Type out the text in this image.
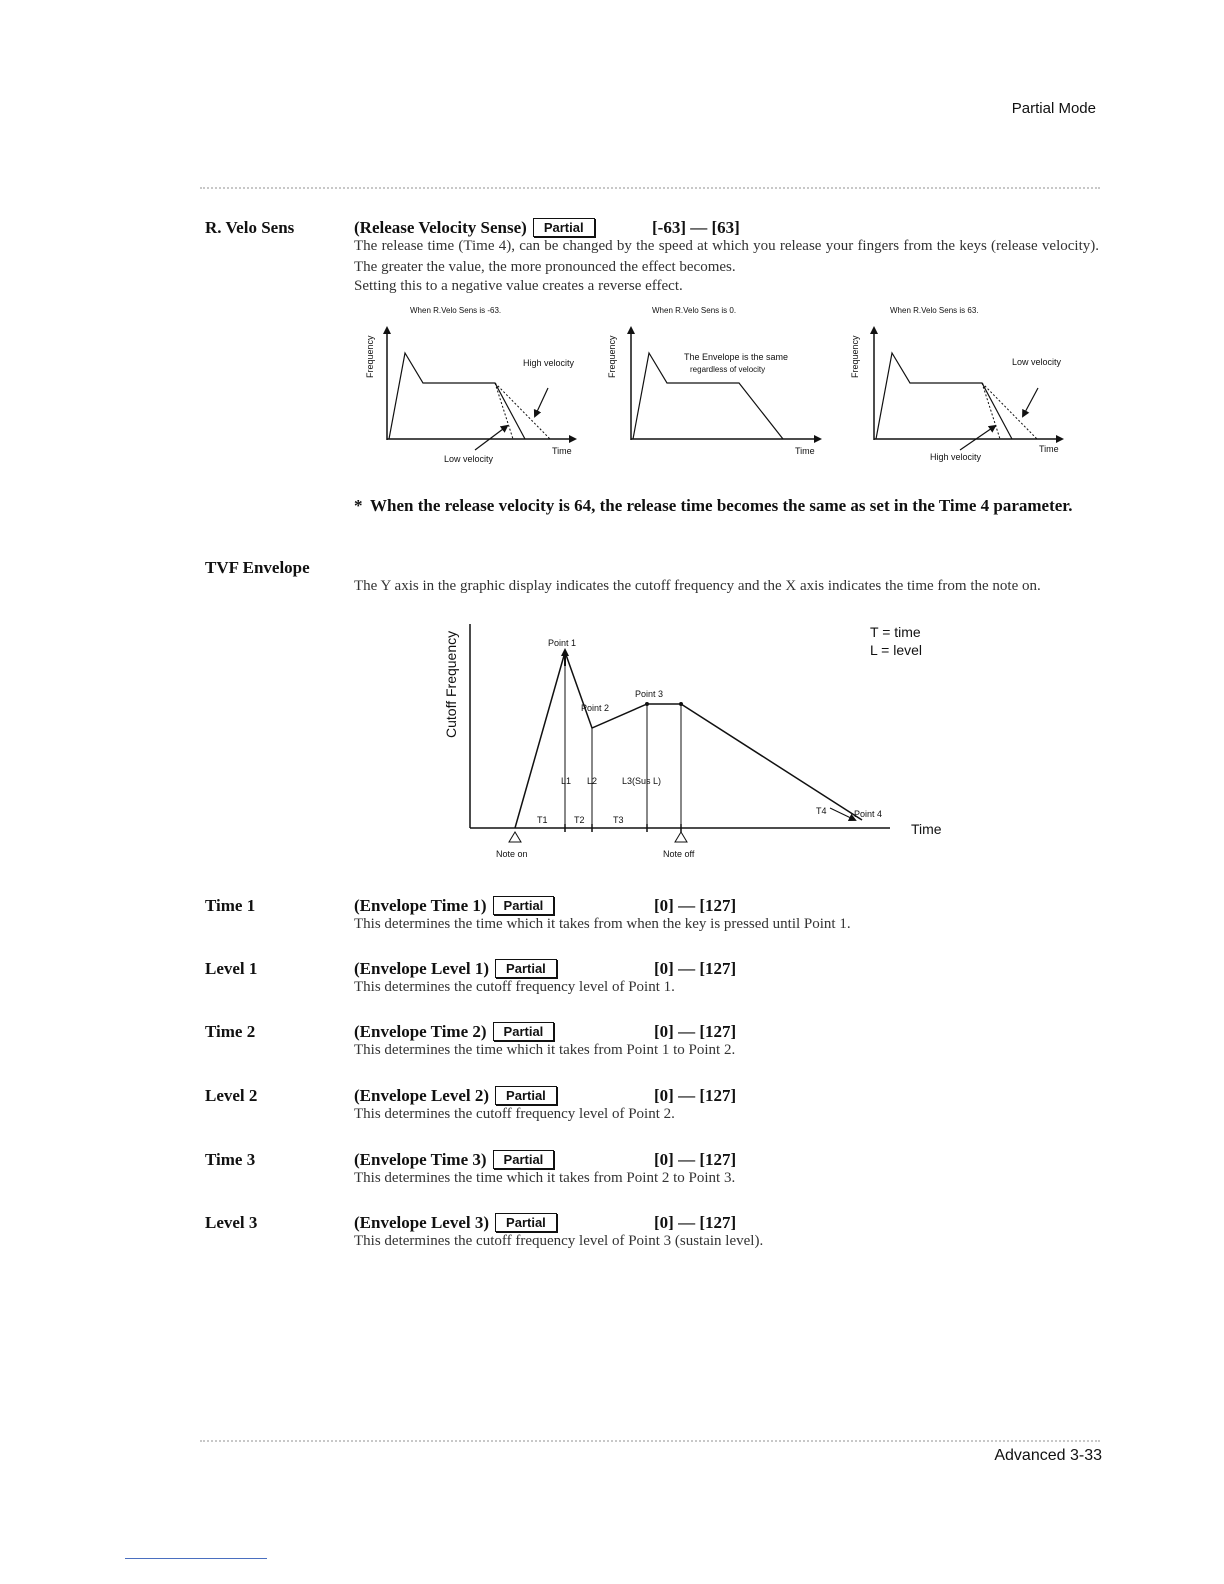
Partial Mode
R. Velo Sens	(Release Velocity Sense) Partial	[-63] — [63]
The release time (Time 4), can be changed by the speed at which you release your fingers from the keys (release velocity). The greater the value, the more pronounced the effect becomes.
Setting this to a negative value creates a reverse effect.
When R.Velo Sens is -63.
Frequency	High velocity
Low velocity
Time
When R.Velo Sens is 0.
Frequency	The Envelope is the same
regardless of velocity
Time
When R.Velo Sens is 63.
Frequency	Low velocity
High velocity
Time
* When the release velocity is 64, the release time becomes the same as set in the Time 4 parameter.
TVF Envelope
The Y axis in the graphic display indicates the cutoff frequency and the X axis indicates the time from the note on.
Cutoff Frequency
Time
T = time
L = level
Point 1
Point 2
Point 3
Point 4
L1 L2	L3(Sus L)
T1	T2	T3
T4
Note on	Note off
Time 1	(Envelope Time 1) Partial	[0] — [127]
This determines the time which it takes from when the key is pressed until Point 1.
Level 1	(Envelope Level 1) Partial	[0] — [127]
This determines the cutoff frequency level of Point 1.
Time 2	(Envelope Time 2) Partial	[0] — [127]
This determines the time which it takes from Point 1 to Point 2.
Level 2	(Envelope Level 2) Partial	[0] — [127]
This determines the cutoff frequency level of Point 2.
Time 3	(Envelope Time 3) Partial	[0] — [127]
This determines the time which it takes from Point 2 to Point 3.
Level 3	(Envelope Level 3) Partial	[0] — [127]
This determines the cutoff frequency level of Point 3 (sustain level).
Advanced 3-33
